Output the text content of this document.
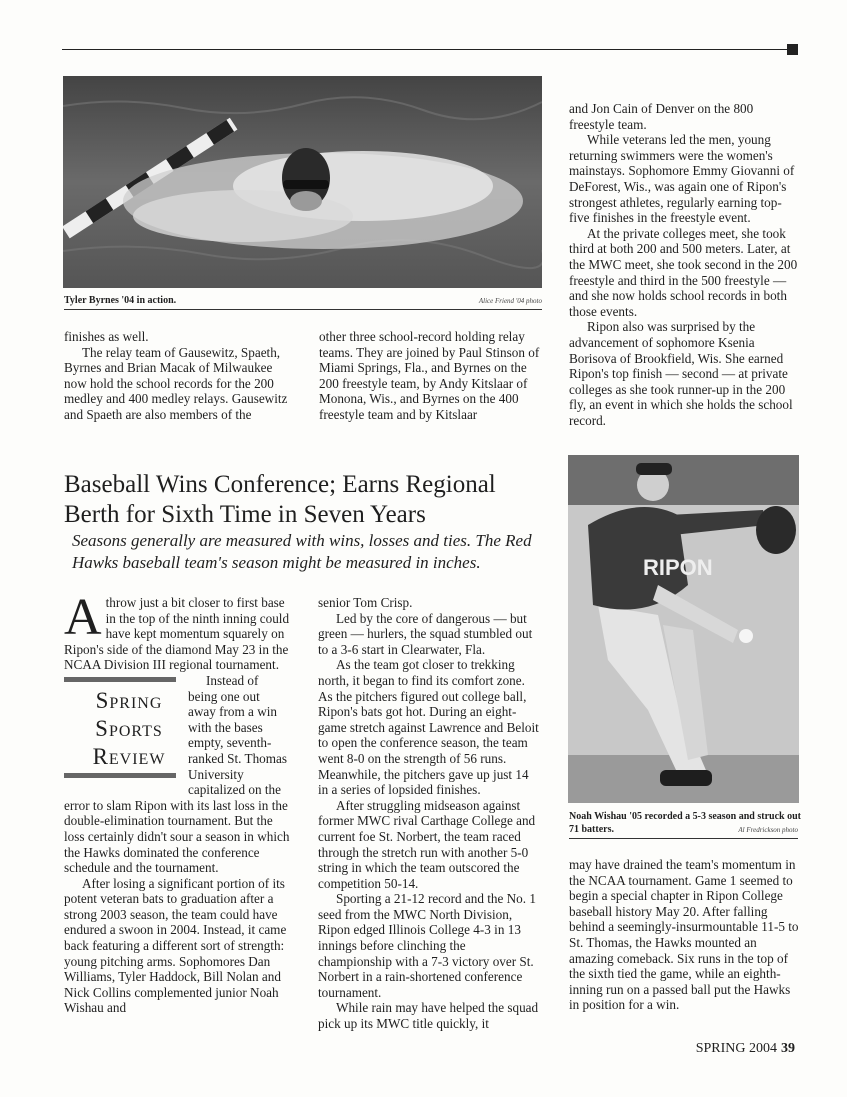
Tyler Byrnes '04 in action.	Alice Friend '04 photo

finishes as well.

The relay team of Gausewitz, Spaeth, Byrnes and Brian Macak of Milwaukee now hold the school records for the 200 medley and 400 medley relays. Gausewitz and Spaeth are also members of the

other three school-record holding relay teams. They are joined by Paul Stinson of Miami Springs, Fla., and Byrnes on the 200 freestyle team, by Andy Kitslaar of Monona, Wis., and Byrnes on the 400 freestyle team and by Kitslaar

and Jon Cain of Denver on the 800 freestyle team.

While veterans led the men, young returning swimmers were the women's mainstays. Sophomore Emmy Giovanni of DeForest, Wis., was again one of Ripon's strongest athletes, regularly earning top-five finishes in the freestyle event.

At the private colleges meet, she took third at both 200 and 500 meters. Later, at the MWC meet, she took second in the 200 freestyle and third in the 500 freestyle — and she now holds school records in both those events.

Ripon also was surprised by the advancement of sophomore Ksenia Borisova of Brookfield, Wis. She earned Ripon's top finish — second — at private colleges as she took runner-up in the 200 fly, an event in which she holds the school record.

Baseball Wins Conference; Earns Regional Berth for Sixth Time in Seven Years

Seasons generally are measured with wins, losses and ties. The Red Hawks baseball team's season might be measured in inches.

A throw just a bit closer to first base in the top of the ninth inning could have kept momentum squarely on Ripon's side of the diamond May 23 in the NCAA Division III regional tournament.

Spring
Sports
Review
Instead of being one out away from a win with the bases empty, seventh-ranked St. Thomas University capitalized on the error to slam Ripon with its last loss in the double-elimination tournament. But the loss certainly didn't sour a season in which the Hawks dominated the conference schedule and the tournament.

After losing a significant portion of its potent veteran bats to graduation after a strong 2003 season, the team could have endured a swoon in 2004. Instead, it came back featuring a different sort of strength: young pitching arms. Sophomores Dan Williams, Tyler Haddock, Bill Nolan and Nick Collins complemented junior Noah Wishau and

senior Tom Crisp.

Led by the core of dangerous — but green — hurlers, the squad stumbled out to a 3-6 start in Clearwater, Fla.

As the team got closer to trekking north, it began to find its comfort zone. As the pitchers figured out college ball, Ripon's bats got hot. During an eight-game stretch against Lawrence and Beloit to open the conference season, the team went 8-0 on the strength of 56 runs. Meanwhile, the pitchers gave up just 14 in a series of lopsided finishes.

After struggling midseason against former MWC rival Carthage College and current foe St. Norbert, the team raced through the stretch run with another 5-0 string in which the team outscored the competition 50-14.

Sporting a 21-12 record and the No. 1 seed from the MWC North Division, Ripon edged Illinois College 4-3 in 13 innings before clinching the championship with a 7-3 victory over St. Norbert in a rain-shortened conference tournament.

While rain may have helped the squad pick up its MWC title quickly, it

RIPON
Noah Wishau '05 recorded a 5-3 season and struck out 71 batters.	Al Fredrickson photo

may have drained the team's momentum in the NCAA tournament. Game 1 seemed to begin a special chapter in Ripon College baseball history May 20. After falling behind a seemingly-insurmountable 11-5 to St. Thomas, the Hawks mounted an amazing comeback. Six runs in the top of the sixth tied the game, while an eighth-inning run on a passed ball put the Hawks in position for a win.

SPRING 2004 39
